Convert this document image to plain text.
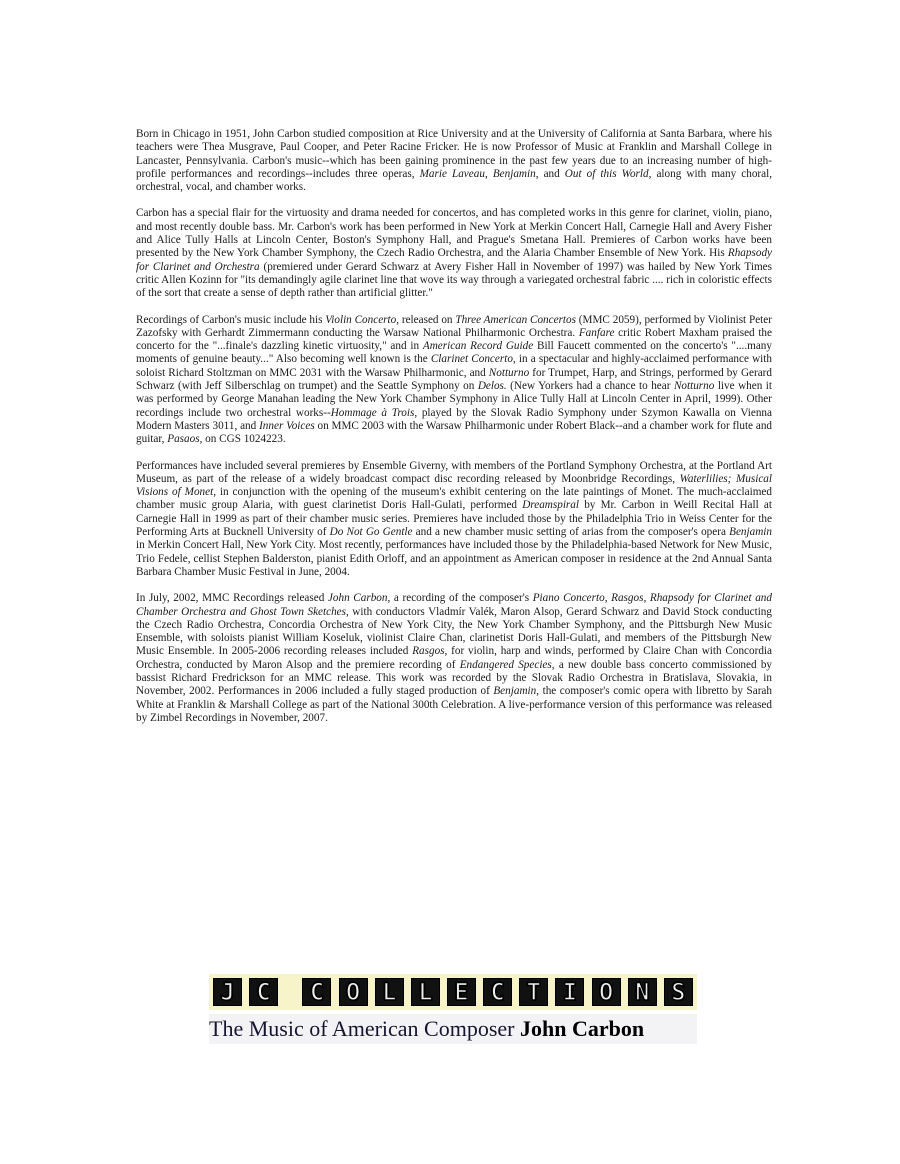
Born in Chicago in 1951, John Carbon studied composition at Rice University and at the University of California at Santa Barbara, where his teachers were Thea Musgrave, Paul Cooper, and Peter Racine Fricker. He is now Professor of Music at Franklin and Marshall College in Lancaster, Pennsylvania. Carbon's music--which has been gaining prominence in the past few years due to an increasing number of high-profile performances and recordings--includes three operas, Marie Laveau, Benjamin, and Out of this World, along with many choral, orchestral, vocal, and chamber works.

Carbon has a special flair for the virtuosity and drama needed for concertos, and has completed works in this genre for clarinet, violin, piano, and most recently double bass. Mr. Carbon's work has been performed in New York at Merkin Concert Hall, Carnegie Hall and Avery Fisher and Alice Tully Halls at Lincoln Center, Boston's Symphony Hall, and Prague's Smetana Hall. Premieres of Carbon works have been presented by the New York Chamber Symphony, the Czech Radio Orchestra, and the Alaria Chamber Ensemble of New York. His Rhapsody for Clarinet and Orchestra (premiered under Gerard Schwarz at Avery Fisher Hall in November of 1997) was hailed by New York Times critic Allen Kozinn for "its demandingly agile clarinet line that wove its way through a variegated orchestral fabric .... rich in coloristic effects of the sort that create a sense of depth rather than artificial glitter."

Recordings of Carbon's music include his Violin Concerto, released on Three American Concertos (MMC 2059), performed by Violinist Peter Zazofsky with Gerhardt Zimmermann conducting the Warsaw National Philharmonic Orchestra. Fanfare critic Robert Maxham praised the concerto for the "...finale's dazzling kinetic virtuosity," and in American Record Guide Bill Faucett commented on the concerto's "....many moments of genuine beauty..." Also becoming well known is the Clarinet Concerto, in a spectacular and highly-acclaimed performance with soloist Richard Stoltzman on MMC 2031 with the Warsaw Philharmonic, and Notturno for Trumpet, Harp, and Strings, performed by Gerard Schwarz (with Jeff Silberschlag on trumpet) and the Seattle Symphony on Delos. (New Yorkers had a chance to hear Notturno live when it was performed by George Manahan leading the New York Chamber Symphony in Alice Tully Hall at Lincoln Center in April, 1999). Other recordings include two orchestral works--Hommage à Trois, played by the Slovak Radio Symphony under Szymon Kawalla on Vienna Modern Masters 3011, and Inner Voices on MMC 2003 with the Warsaw Philharmonic under Robert Black--and a chamber work for flute and guitar, Pasaos, on CGS 1024223.

Performances have included several premieres by Ensemble Giverny, with members of the Portland Symphony Orchestra, at the Portland Art Museum, as part of the release of a widely broadcast compact disc recording released by Moonbridge Recordings, Waterlilies; Musical Visions of Monet, in conjunction with the opening of the museum's exhibit centering on the late paintings of Monet. The much-acclaimed chamber music group Alaria, with guest clarinetist Doris Hall-Gulati, performed Dreamspiral by Mr. Carbon in Weill Recital Hall at Carnegie Hall in 1999 as part of their chamber music series. Premieres have included those by the Philadelphia Trio in Weiss Center for the Performing Arts at Bucknell University of Do Not Go Gentle and a new chamber music setting of arias from the composer's opera Benjamin in Merkin Concert Hall, New York City. Most recently, performances have included those by the Philadelphia-based Network for New Music, Trio Fedele, cellist Stephen Balderston, pianist Edith Orloff, and an appointment as American composer in residence at the 2nd Annual Santa Barbara Chamber Music Festival in June, 2004.

In July, 2002, MMC Recordings released John Carbon, a recording of the composer's Piano Concerto, Rasgos, Rhapsody for Clarinet and Chamber Orchestra and Ghost Town Sketches, with conductors Vladmír Valék, Maron Alsop, Gerard Schwarz and David Stock conducting the Czech Radio Orchestra, Concordia Orchestra of New York City, the New York Chamber Symphony, and the Pittsburgh New Music Ensemble, with soloists pianist William Koseluk, violinist Claire Chan, clarinetist Doris Hall-Gulati, and members of the Pittsburgh New Music Ensemble. In 2005-2006 recording releases included Rasgos, for violin, harp and winds, performed by Claire Chan with Concordia Orchestra, conducted by Maron Alsop and the premiere recording of Endangered Species, a new double bass concerto commissioned by bassist Richard Fredrickson for an MMC release. This work was recorded by the Slovak Radio Orchestra in Bratislava, Slovakia, in November, 2002. Performances in 2006 included a fully staged production of Benjamin, the composer's comic opera with libretto by Sarah White at Franklin & Marshall College as part of the National 300th Celebration. A live-performance version of this performance was released by Zimbel Recordings in November, 2007.

J C C O L L E C T I O N S
The Music of American Composer John Carbon
